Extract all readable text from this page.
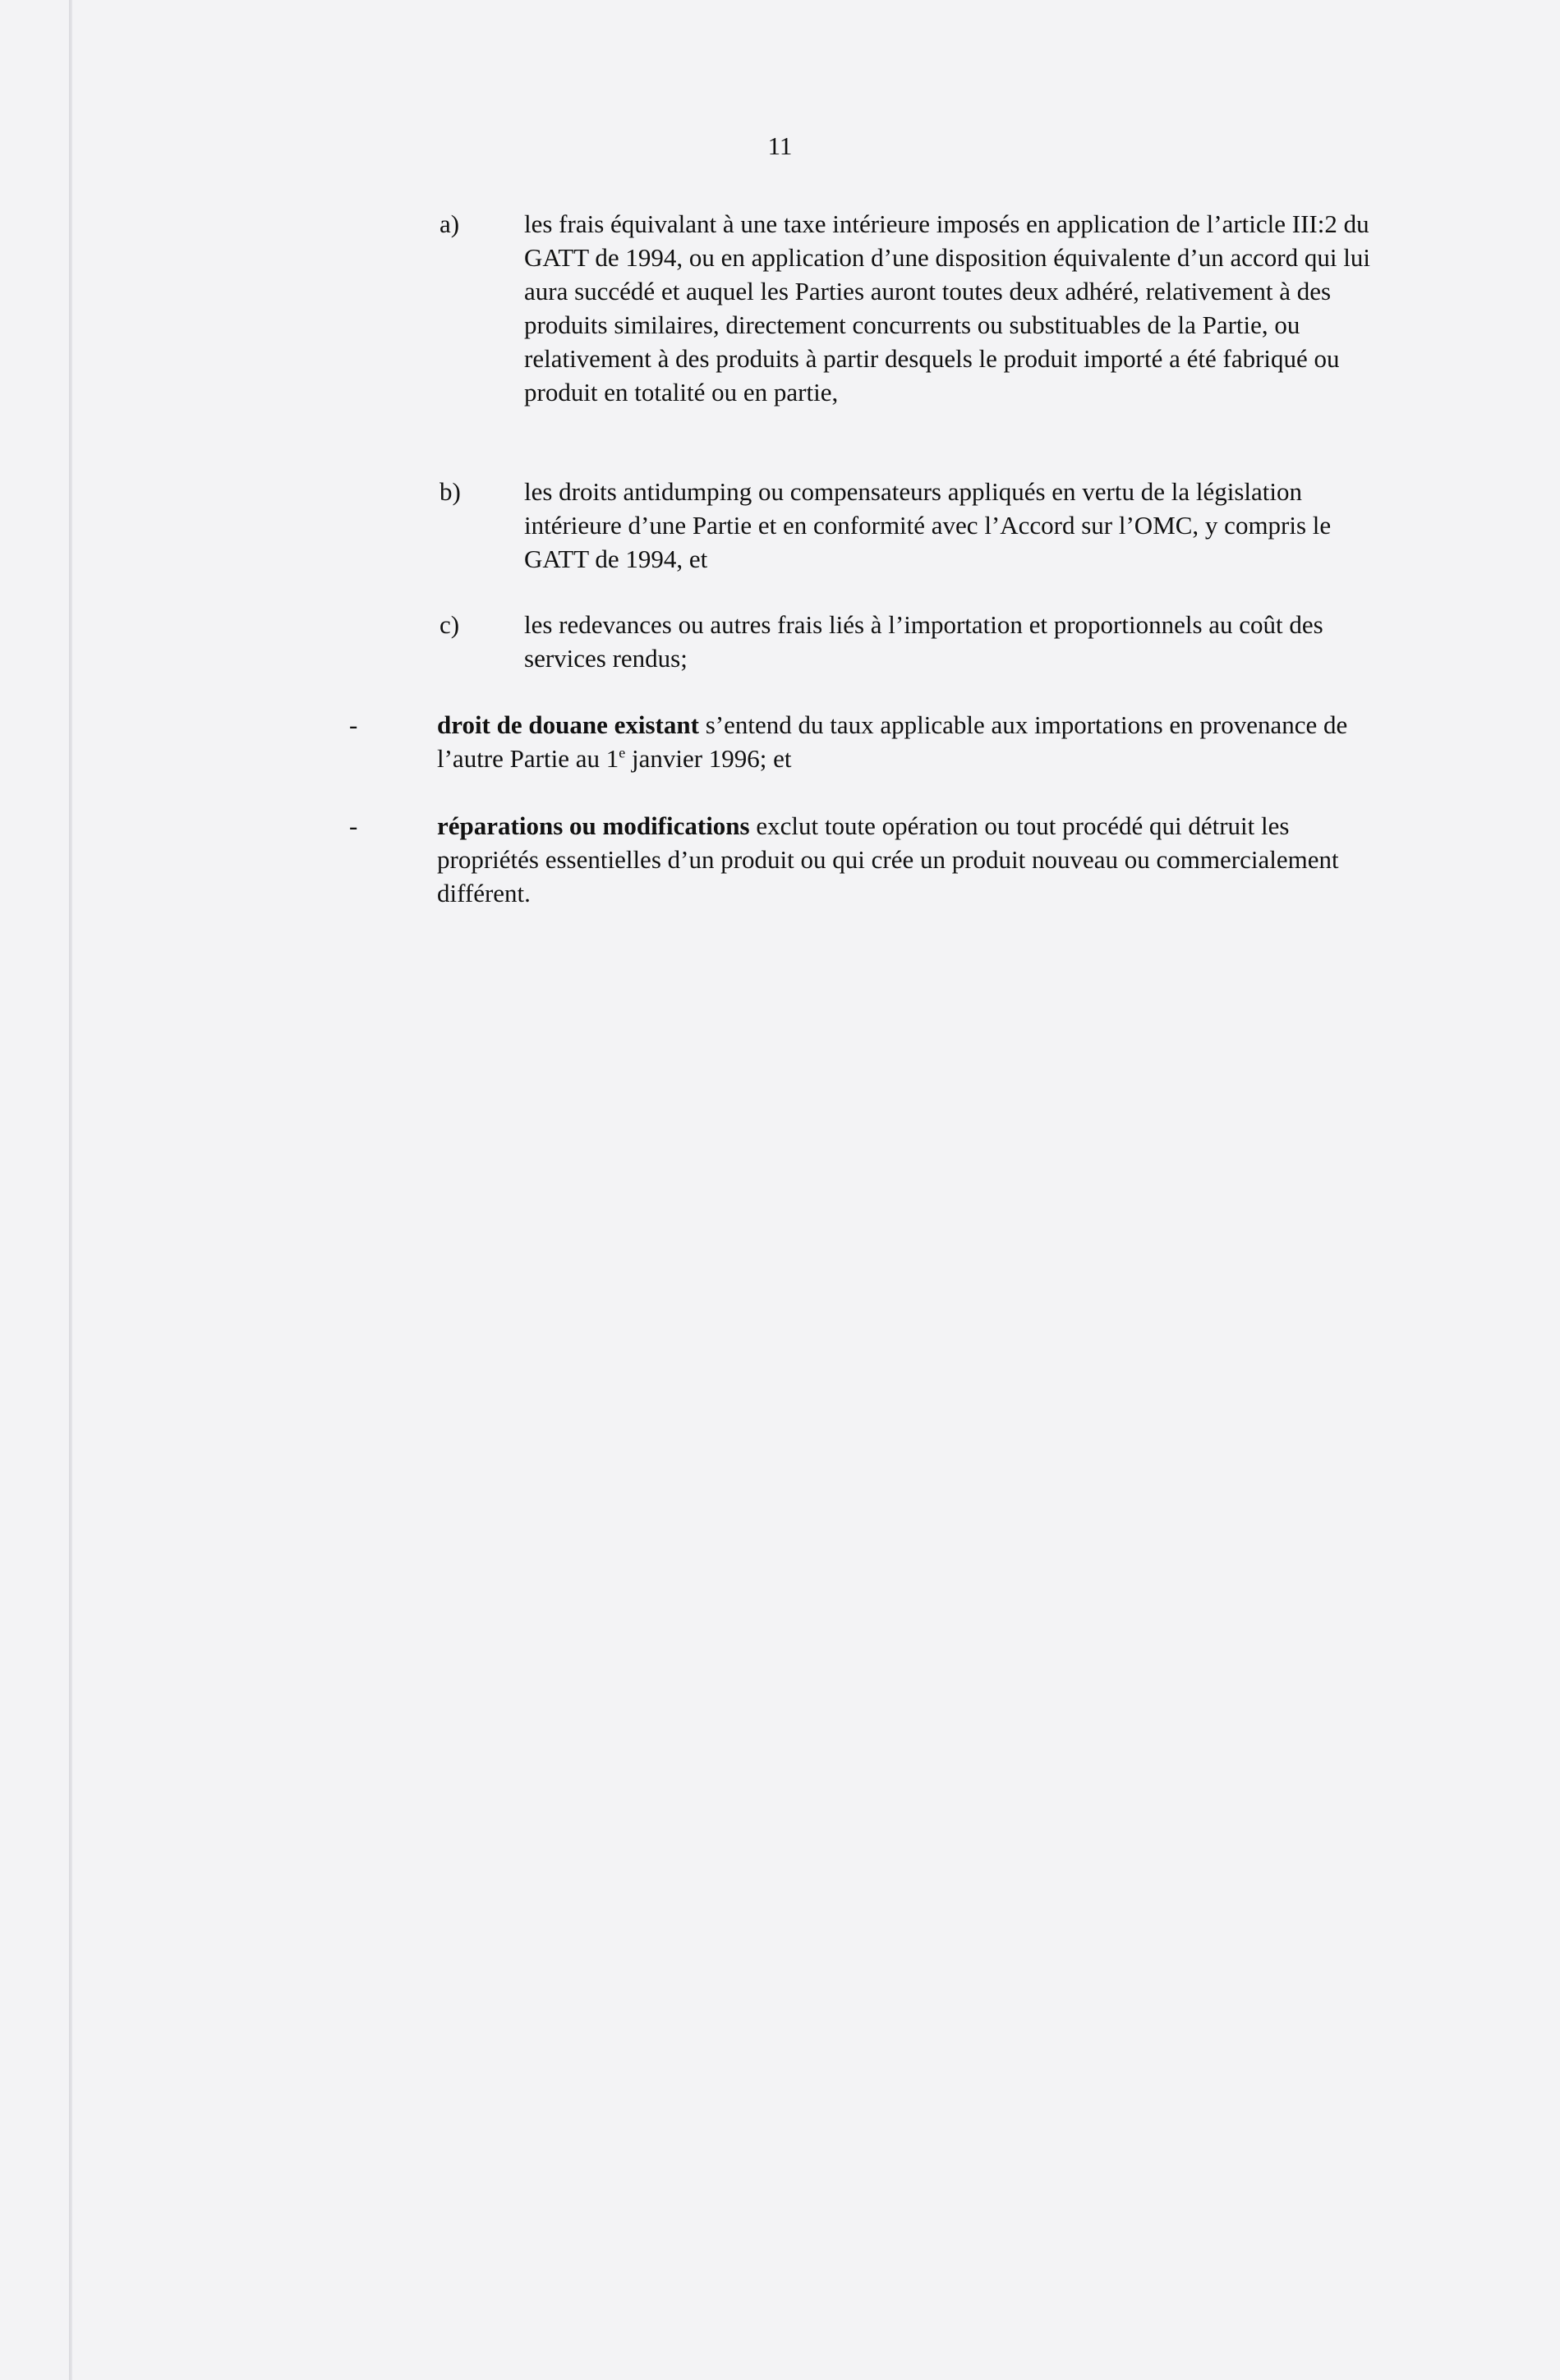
11
a)	les frais équivalant à une taxe intérieure imposés en application de l’article III:2 du GATT de 1994, ou en application d’une disposition équivalente d’un accord qui lui aura succédé et auquel les Parties auront toutes deux adhéré, relativement à des produits similaires, directement concurrents ou substituables de la Partie, ou relativement à des produits à partir desquels le produit importé a été fabriqué ou produit en totalité ou en partie,
b) les droits antidumping ou compensateurs appliqués en vertu de la législation intérieure d’une Partie et en conformité avec l’Accord sur l’OMC, y compris le GATT de 1994, et
c)	les redevances ou autres frais liés à l’importation et proportionnels au coût des services rendus;
-	droit de douane existant s’entend du taux applicable aux importations en provenance de l’autre Partie au 1e janvier 1996; et
-	réparations ou modifications exclut toute opération ou tout procédé qui détruit les propriétés essentielles d’un produit ou qui crée un produit nouveau ou commercialement différent.
